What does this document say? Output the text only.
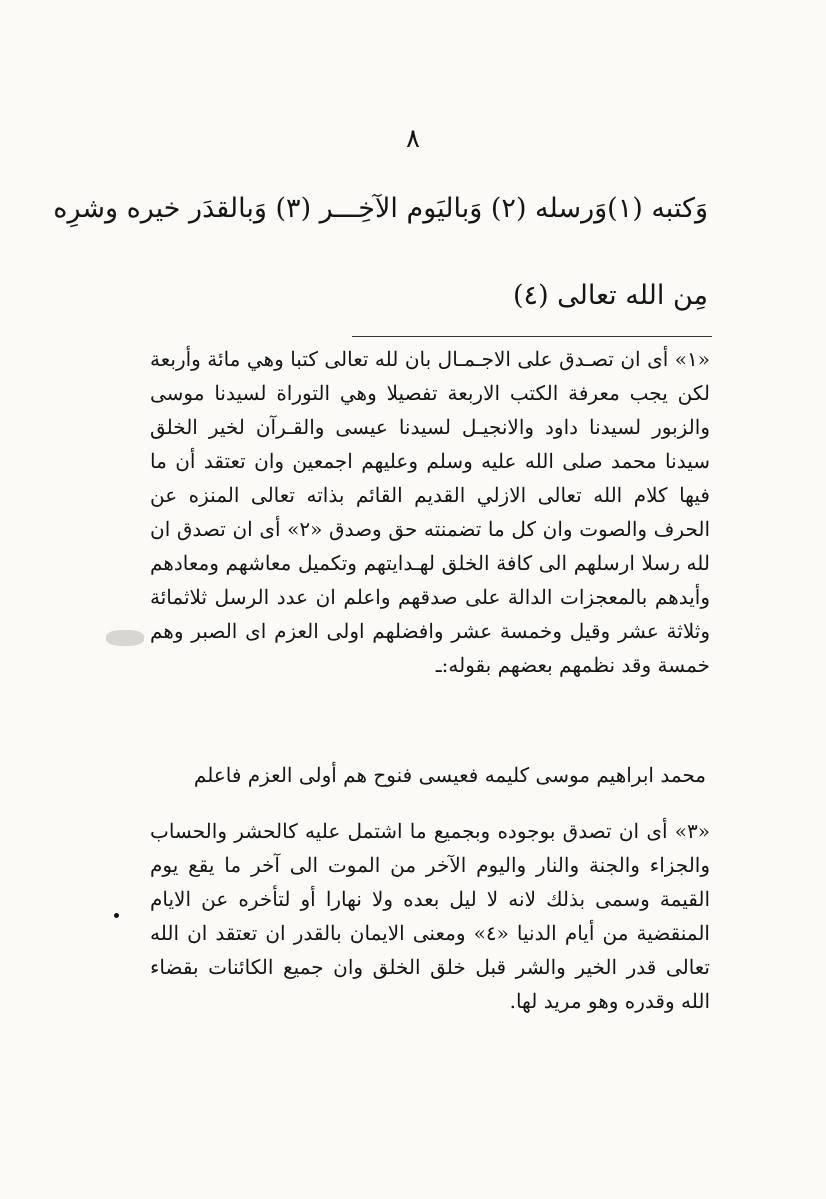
٨
وَكتبه (١)وَرسله (٢) وَباليَوم الآخِـــر (٣) وَبالقدَر خيره وشرِه
مِن الله تعالى (٤)

«١» أى ان تصـدق على الاجـمـال بان لله تعالى كتبا وهي مائة وأربعة لكن يجب معرفة الكتب الاربعة تفصيلا وهي التوراة لسيدنا موسى والزبور لسيدنا داود والانجيـل لسيدنا عيسى والقـرآن لخير الخلق سيدنا محمد صلى الله عليه وسلم وعليهم اجمعين وان تعتقد أن ما فيها كلام الله تعالى الازلي القديم القائم بذاته تعالى المنزه عن الحرف والصوت وان كل ما تضمنته حق وصدق «٢» أى ان تصدق ان لله رسلا ارسلهم الى كافة الخلق لهـدايتهم وتكميل معاشهم ومعادهم وأيدهم بالمعجزات الدالة على صدقهم واعلم ان عدد الرسل ثلاثمائة وثلاثة عشر وقيل وخمسة عشر وافضلهم اولى العزم اى الصبر وهم خمسة وقد نظمهم بعضهم بقوله:ـ

محمد ابراهيم موسى كليمه فعيسى فنوح هم أولى العزم فاعلم

«٣» أى ان تصدق بوجوده وبجميع ما اشتمل عليه كالحشر والحساب والجزاء والجنة والنار واليوم الآخر من الموت الى آخر ما يقع يوم القيمة وسمى بذلك لانه لا ليل بعده ولا نهارا أو لتأخره عن الايام المنقضية من أيام الدنيا «٤» ومعنى الايمان بالقدر ان تعتقد ان الله تعالى قدر الخير والشر قبل خلق الخلق وان جميع الكائنات بقضاء الله وقدره وهو مريد لها.
